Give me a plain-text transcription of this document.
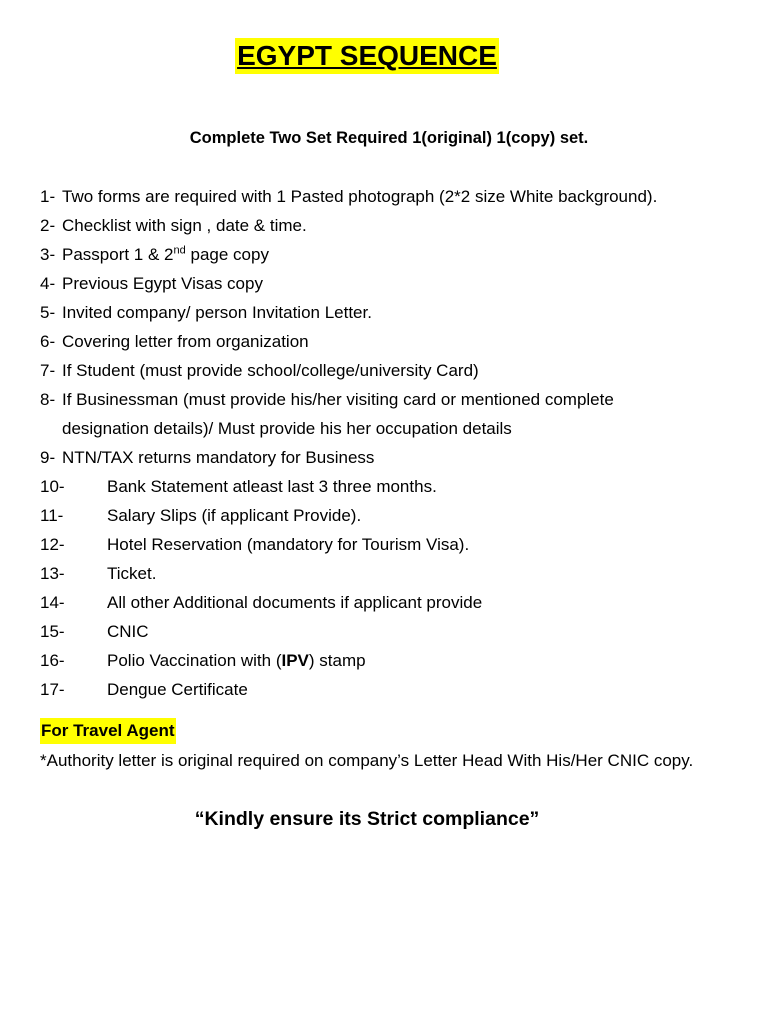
EGYPT SEQUENCE
Complete Two Set Required 1(original) 1(copy) set.
1- Two forms are required with 1 Pasted photograph (2*2 size White background).
2- Checklist with sign , date & time.
3- Passport 1 & 2nd page copy
4- Previous Egypt Visas copy
5- Invited company/ person Invitation Letter.
6- Covering letter from organization
7- If Student (must provide school/college/university Card)
8- If Businessman (must provide his/her visiting card or mentioned complete designation details)/ Must provide his her occupation details
9- NTN/TAX returns mandatory for Business
10- Bank Statement atleast last 3 three months.
11-	Salary Slips (if applicant Provide).
12- Hotel Reservation (mandatory for Tourism Visa).
13- Ticket.
14- All other Additional documents if applicant provide
15- CNIC
16- Polio Vaccination with (IPV) stamp
17- Dengue Certificate
For Travel Agent
*Authority letter is original required on company’s Letter Head With His/Her CNIC copy.
“Kindly ensure its Strict compliance”
